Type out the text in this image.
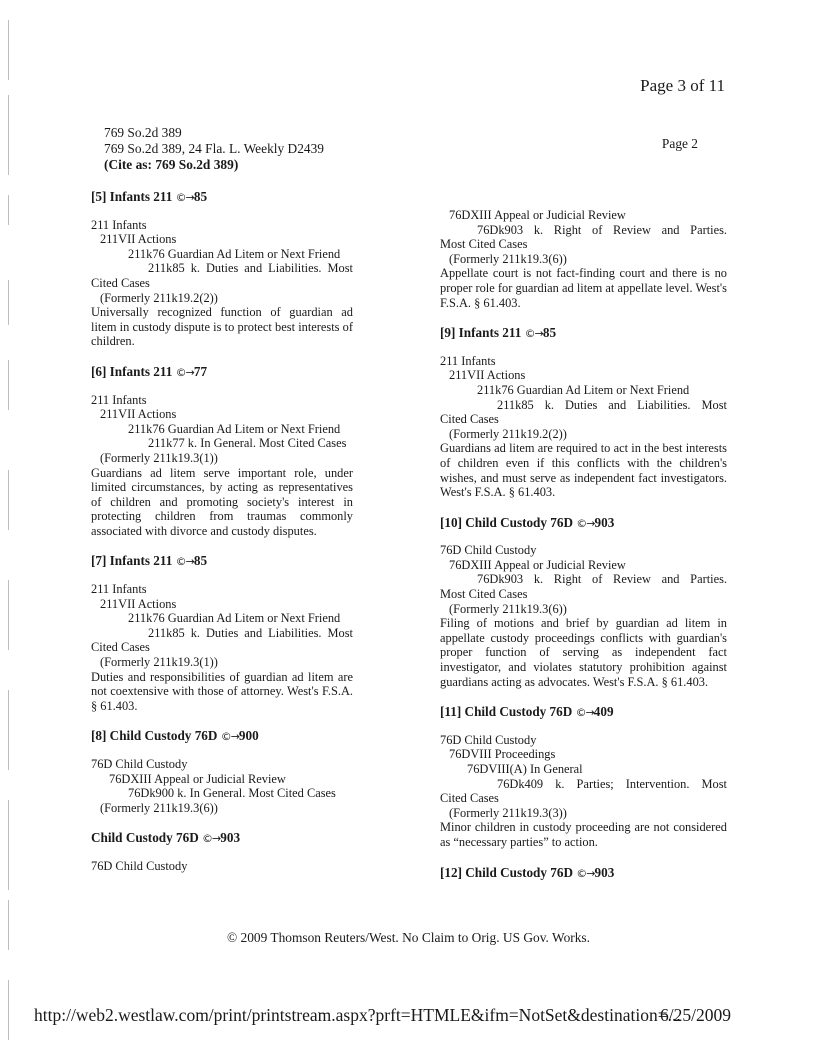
Page 3 of 11
769 So.2d 389
769 So.2d 389, 24 Fla. L. Weekly D2439
(Cite as: 769 So.2d 389)
Page 2
[5] Infants 211 ©→85
211 Infants
211VII Actions
211k76 Guardian Ad Litem or Next Friend
211k85 k. Duties and Liabilities. Most
Cited Cases
(Formerly 211k19.2(2))
Universally recognized function of guardian ad litem in custody dispute is to protect best interests of children.
[6] Infants 211 ©→77
211 Infants
211VII Actions
211k76 Guardian Ad Litem or Next Friend
211k77 k. In General. Most Cited Cases
(Formerly 211k19.3(1))
Guardians ad litem serve important role, under limited circumstances, by acting as representatives of children and promoting society's interest in protecting children from traumas commonly associated with divorce and custody disputes.
[7] Infants 211 ©→85
211 Infants
211VII Actions
211k76 Guardian Ad Litem or Next Friend
211k85 k. Duties and Liabilities. Most
Cited Cases
(Formerly 211k19.3(1))
Duties and responsibilities of guardian ad litem are not coextensive with those of attorney. West's F.S.A. § 61.403.
[8] Child Custody 76D ©→900
76D Child Custody
76DXIII Appeal or Judicial Review
76Dk900 k. In General. Most Cited Cases
(Formerly 211k19.3(6))
Child Custody 76D ©→903
76D Child Custody
76DXIII Appeal or Judicial Review
76Dk903 k. Right of Review and Parties.
Most Cited Cases
(Formerly 211k19.3(6))
Appellate court is not fact-finding court and there is no proper role for guardian ad litem at appellate level. West's F.S.A. § 61.403.
[9] Infants 211 ©→85
211 Infants
211VII Actions
211k76 Guardian Ad Litem or Next Friend
211k85 k. Duties and Liabilities. Most
Cited Cases
(Formerly 211k19.2(2))
Guardians ad litem are required to act in the best interests of children even if this conflicts with the children's wishes, and must serve as independent fact investigators. West's F.S.A. § 61.403.
[10] Child Custody 76D ©→903
76D Child Custody
76DXIII Appeal or Judicial Review
76Dk903 k. Right of Review and Parties.
Most Cited Cases
(Formerly 211k19.3(6))
Filing of motions and brief by guardian ad litem in appellate custody proceedings conflicts with guardian's proper function of serving as independent fact investigator, and violates statutory prohibition against guardians acting as advocates. West's F.S.A. § 61.403.
[11] Child Custody 76D ©→409
76D Child Custody
76DVIII Proceedings
76DVIII(A) In General
76Dk409 k. Parties; Intervention. Most
Cited Cases
(Formerly 211k19.3(3))
Minor children in custody proceeding are not considered as “necessary parties” to action.
[12] Child Custody 76D ©→903
© 2009 Thomson Reuters/West. No Claim to Orig. US Gov. Works.
http://web2.westlaw.com/print/printstream.aspx?prft=HTMLE&ifm=NotSet&destination=...
6/25/2009
